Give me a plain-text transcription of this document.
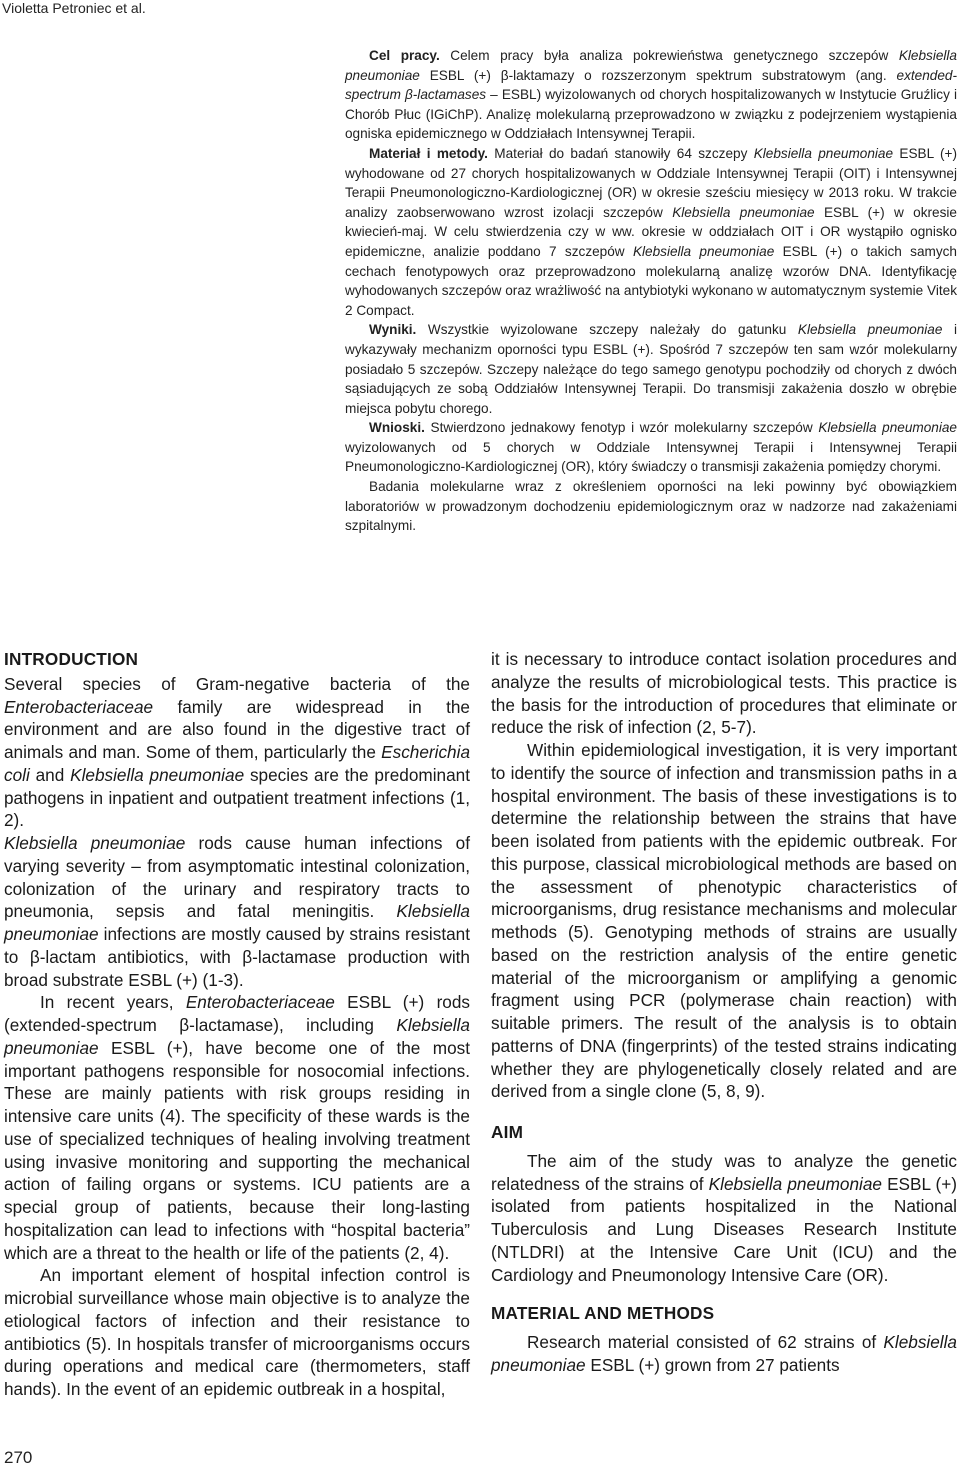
Violetta Petroniec et al.

Cel pracy. Celem pracy była analiza pokrewieństwa genetycznego szczepów Klebsiella pneumoniae ESBL (+) β-laktamazy o rozszerzonym spektrum substratowym (ang. extended-spectrum β-lactamases – ESBL) wyizolowanych od chorych hospitalizowanych w Instytucie Gruźlicy i Chorób Płuc (IGiChP). Analizę molekularną przeprowadzono w związku z podejrzeniem wystąpienia ogniska epidemicznego w Oddziałach Intensywnej Terapii.

Materiał i metody. Materiał do badań stanowiły 64 szczepy Klebsiella pneumoniae ESBL (+) wyhodowane od 27 chorych hospitalizowanych w Oddziale Intensywnej Terapii (OIT) i Intensywnej Terapii Pneumonologiczno-Kardiologicznej (OR) w okresie sześciu miesięcy w 2013 roku. W trakcie analizy zaobserwowano wzrost izolacji szczepów Klebsiella pneumoniae ESBL (+) w okresie kwiecień-maj. W celu stwierdzenia czy w ww. okresie w oddziałach OIT i OR wystąpiło ognisko epidemiczne, analizie poddano 7 szczepów Klebsiella pneumoniae ESBL (+) o takich samych cechach fenotypowych oraz przeprowadzono molekularną analizę wzorów DNA. Identyfikację wyhodowanych szczepów oraz wrażliwość na antybiotyki wykonano w automatycznym systemie Vitek 2 Compact.

Wyniki. Wszystkie wyizolowane szczepy należały do gatunku Klebsiella pneumoniae i wykazywały mechanizm oporności typu ESBL (+). Spośród 7 szczepów ten sam wzór molekularny posiadało 5 szczepów. Szczepy należące do tego samego genotypu pochodziły od chorych z dwóch sąsiadujących ze sobą Oddziałów Intensywnej Terapii. Do transmisji zakażenia doszło w obrębie miejsca pobytu chorego.

Wnioski. Stwierdzono jednakowy fenotyp i wzór molekularny szczepów Klebsiella pneumoniae wyizolowanych od 5 chorych w Oddziale Intensywnej Terapii i Intensywnej Terapii Pneumonologiczno-Kardiologicznej (OR), który świadczy o transmisji zakażenia pomiędzy chorymi.

Badania molekularne wraz z określeniem oporności na leki powinny być obowiązkiem laboratoriów w prowadzonym dochodzeniu epidemiologicznym oraz w nadzorze nad zakażeniami szpitalnymi.

INTRODUCTION

Several species of Gram-negative bacteria of the Enterobacteriaceae family are widespread in the environment and are also found in the digestive tract of animals and man. Some of them, particularly the Escherichia coli and Klebsiella pneumoniae species are the predominant pathogens in inpatient and outpatient treatment infections (1, 2).

Klebsiella pneumoniae rods cause human infections of varying severity – from asymptomatic intestinal colonization, colonization of the urinary and respiratory tracts to pneumonia, sepsis and fatal meningitis. Klebsiella pneumoniae infections are mostly caused by strains resistant to β-lactam antibiotics, with β-lactamase production with broad substrate ESBL (+) (1-3).

In recent years, Enterobacteriaceae ESBL (+) rods (extended-spectrum β-lactamase), including Klebsiella pneumoniae ESBL (+), have become one of the most important pathogens responsible for nosocomial infections. These are mainly patients with risk groups residing in intensive care units (4). The specificity of these wards is the use of specialized techniques of healing involving treatment using invasive monitoring and supporting the mechanical action of failing organs or systems. ICU patients are a special group of patients, because their long-lasting hospitalization can lead to infections with “hospital bacteria” which are a threat to the health or life of the patients (2, 4).

An important element of hospital infection control is microbial surveillance whose main objective is to analyze the etiological factors of infection and their resistance to antibiotics (5). In hospitals transfer of microorganisms occurs during operations and medical care (thermometers, staff hands). In the event of an epidemic outbreak in a hospital,

it is necessary to introduce contact isolation procedures and analyze the results of microbiological tests. This practice is the basis for the introduction of procedures that eliminate or reduce the risk of infection (2, 5-7).

Within epidemiological investigation, it is very important to identify the source of infection and transmission paths in a hospital environment. The basis of these investigations is to determine the relationship between the strains that have been isolated from patients with the epidemic outbreak. For this purpose, classical microbiological methods are based on the assessment of phenotypic characteristics of microorganisms, drug resistance mechanisms and molecular methods (5). Genotyping methods of strains are usually based on the restriction analysis of the entire genetic material of the microorganism or amplifying a genomic fragment using PCR (polymerase chain reaction) with suitable primers. The result of the analysis is to obtain patterns of DNA (fingerprints) of the tested strains indicating whether they are phylogenetically closely related and are derived from a single clone (5, 8, 9).

AIM

The aim of the study was to analyze the genetic relatedness of the strains of Klebsiella pneumoniae ESBL (+) isolated from patients hospitalized in the National Tuberculosis and Lung Diseases Research Institute (NTLDRI) at the Intensive Care Unit (ICU) and the Cardiology and Pneumonology Intensive Care (OR).

MATERIAL AND METHODS

Research material consisted of 62 strains of Klebsiella pneumoniae ESBL (+) grown from 27 patients

270
